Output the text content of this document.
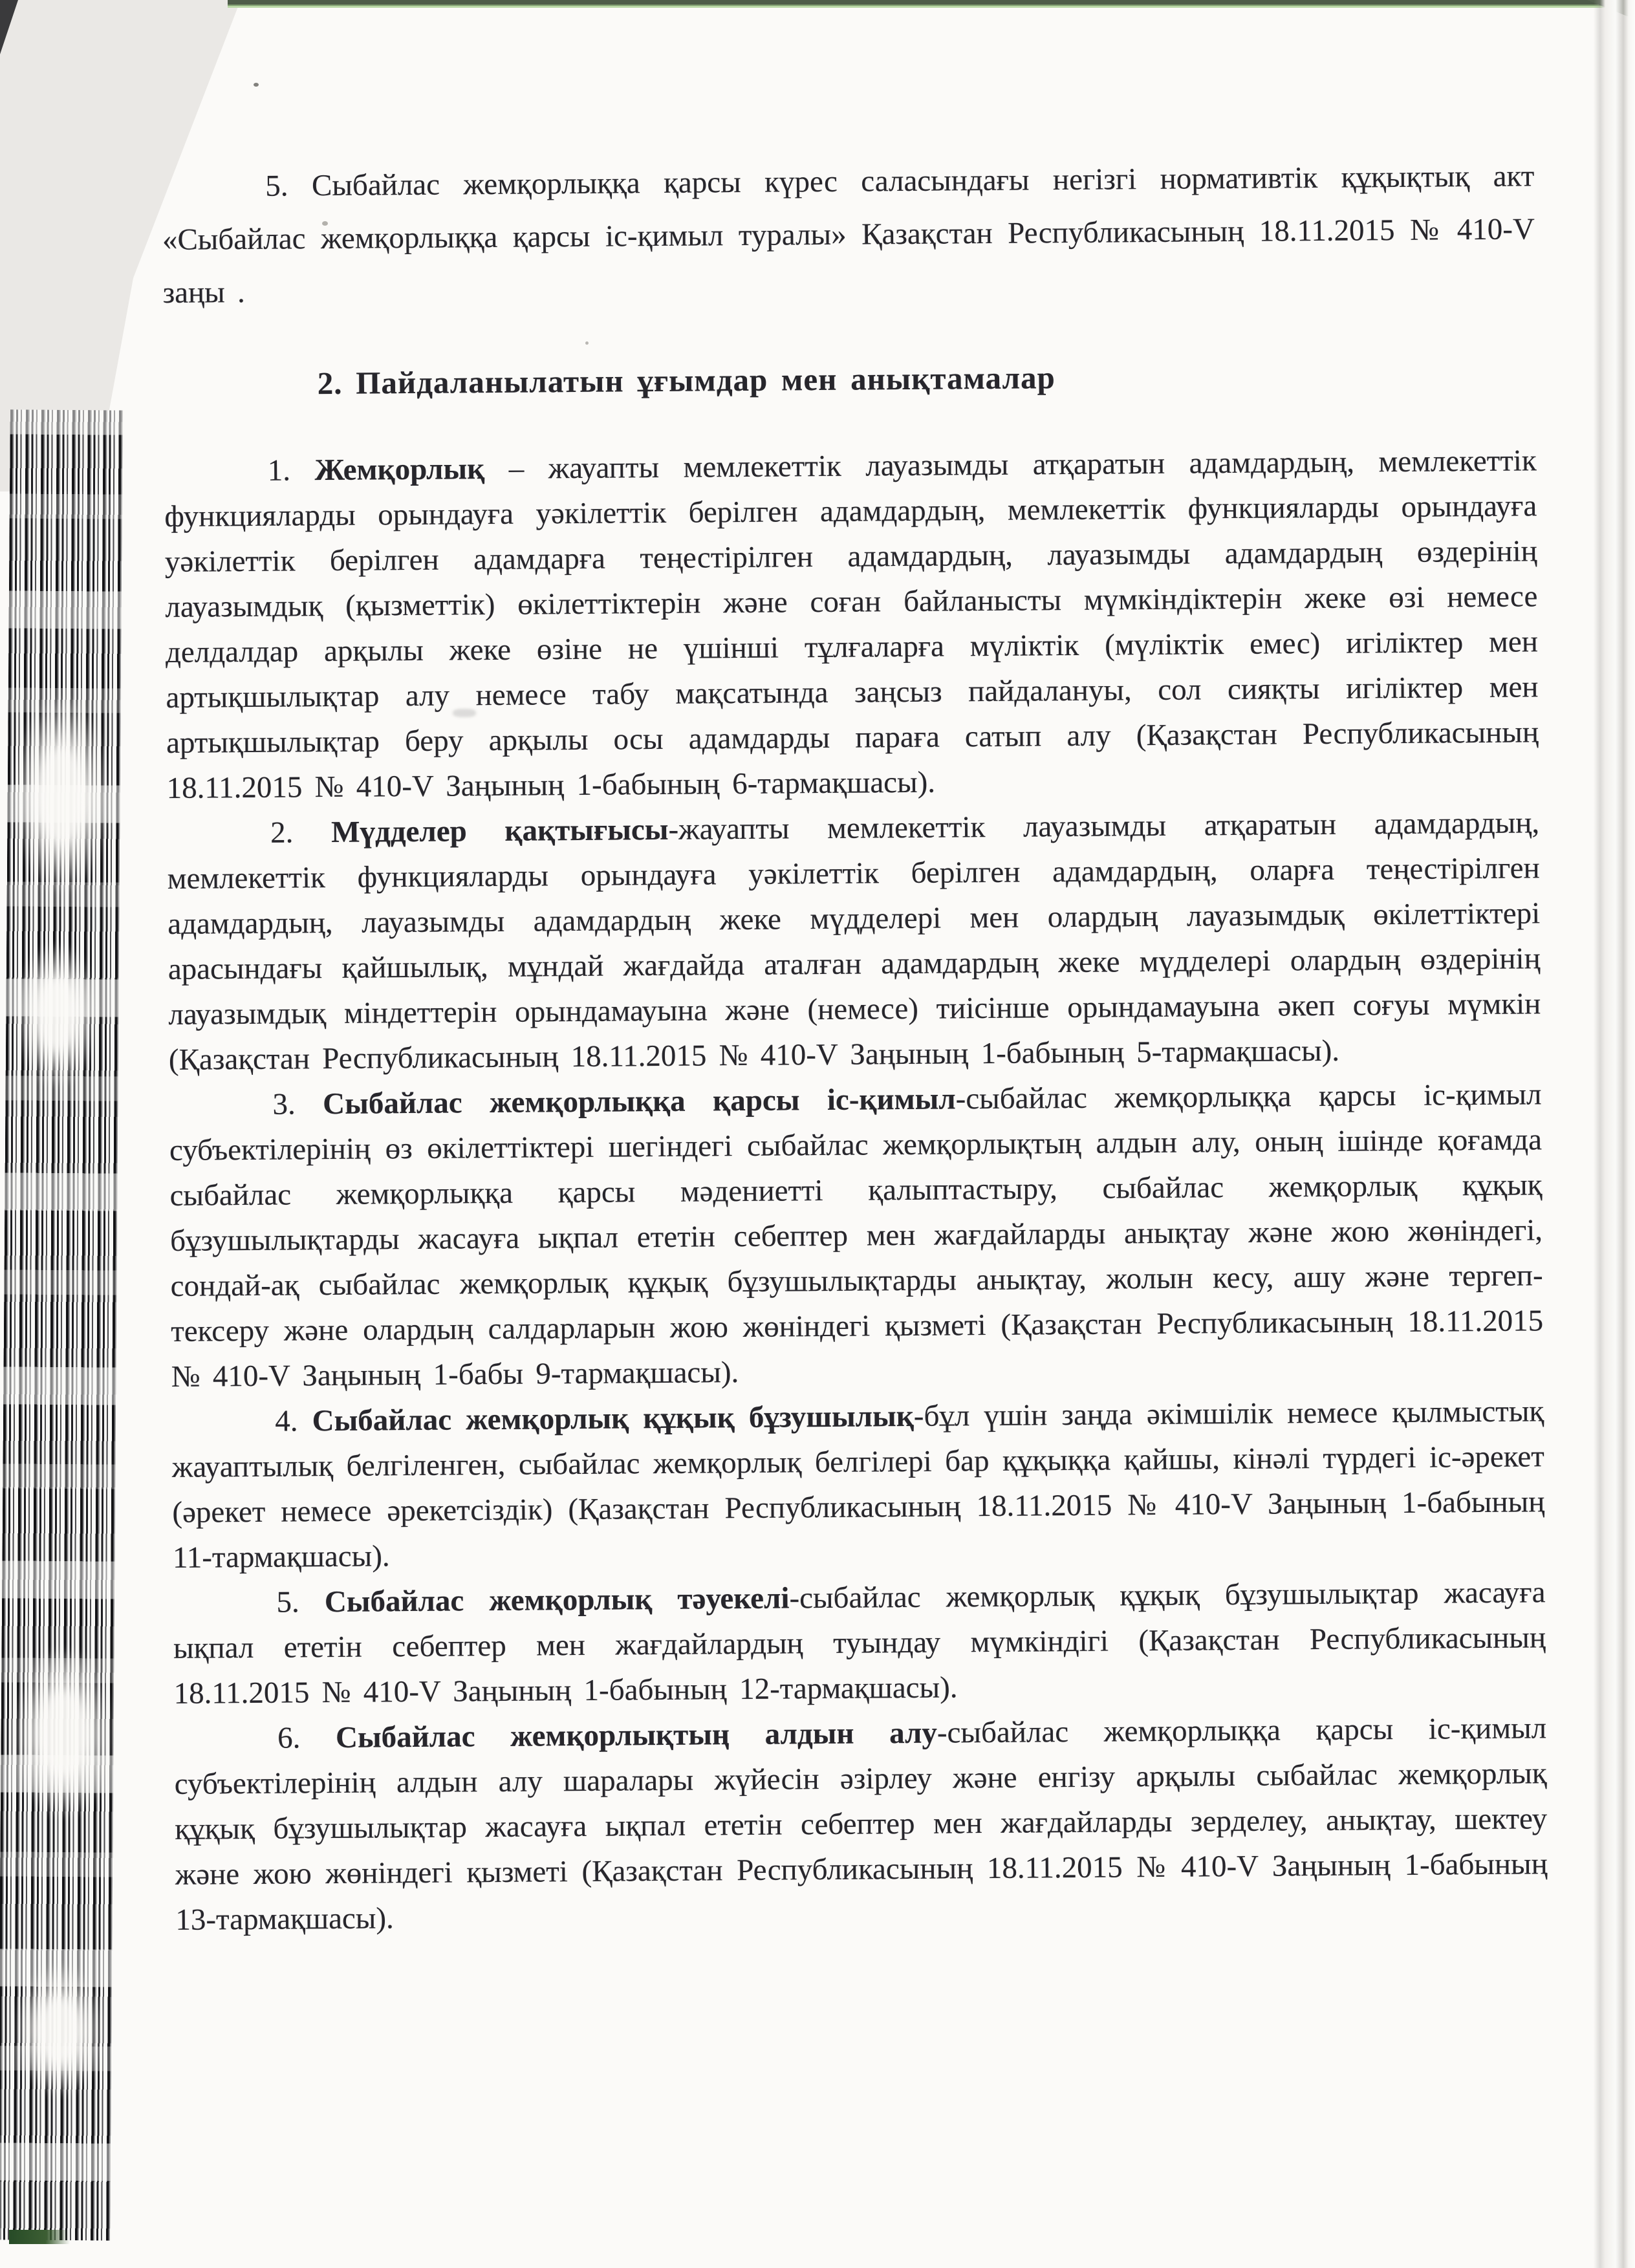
5. Сыбайлас жемқорлыққа қарсы күрес саласындағы негізгі нормативтік құқықтық акт «Сыбайлас жемқорлыққа қарсы іс-қимыл туралы» Қазақстан Республикасының 18.11.2015 № 410-V заңы .

2. Пайдаланылатын ұғымдар мен анықтамалар

1. Жемқорлық – жауапты мемлекеттік лауазымды атқаратын адамдардың, мемлекеттік функцияларды орындауға уәкілеттік берілген адамдардың, мемлекеттік функцияларды орындауға уәкілеттік берілген адамдарға теңестірілген адамдардың, лауазымды адамдардың өздерінің лауазымдық (қызметтік) өкілеттіктерін және соған байланысты мүмкіндіктерін жеке өзі немесе делдалдар арқылы жеке өзіне не үшінші тұлғаларға мүліктік (мүліктік емес) игіліктер мен артықшылықтар алу немесе табу мақсатында заңсыз пайдалануы, сол сияқты игіліктер мен артықшылықтар беру арқылы осы адамдарды параға сатып алу (Қазақстан Республикасының 18.11.2015 № 410-V Заңының 1-бабының 6-тармақшасы).

2. Мүдделер қақтығысы-жауапты мемлекеттік лауазымды атқаратын адамдардың, мемлекеттік функцияларды орындауға уәкілеттік берілген адамдардың, оларға теңестірілген адамдардың, лауазымды адамдардың жеке мүдделері мен олардың лауазымдық өкілеттіктері арасындағы қайшылық, мұндай жағдайда аталған адамдардың жеке мүдделері олардың өздерінің лауазымдық міндеттерін орындамауына және (немесе) тиісінше орындамауына әкеп соғуы мүмкін (Қазақстан Республикасының 18.11.2015 № 410-V Заңының 1-бабының 5-тармақшасы).

3. Сыбайлас жемқорлыққа қарсы іс-қимыл-сыбайлас жемқорлыққа қарсы іс-қимыл субъектілерінің өз өкілеттіктері шегіндегі сыбайлас жемқорлықтың алдын алу, оның ішінде қоғамда сыбайлас жемқорлыққа қарсы мәдениетті қалыптастыру, сыбайлас жемқорлық құқық бұзушылықтарды жасауға ықпал ететін себептер мен жағдайларды анықтау және жою жөніндегі, сондай-ақ сыбайлас жемқорлық құқық бұзушылықтарды анықтау, жолын кесу, ашу және тергеп-тексеру және олардың салдарларын жою жөніндегі қызметі (Қазақстан Республикасының 18.11.2015 № 410-V Заңының 1-бабы 9-тармақшасы).

4. Сыбайлас жемқорлық құқық бұзушылық-бұл үшін заңда әкімшілік немесе қылмыстық жауаптылық белгіленген, сыбайлас жемқорлық белгілері бар құқыққа қайшы, кінәлі түрдегі іс-әрекет (әрекет немесе әрекетсіздік) (Қазақстан Республикасының 18.11.2015 № 410-V Заңының 1-бабының 11-тармақшасы).

5. Сыбайлас жемқорлық тәуекелі-сыбайлас жемқорлық құқық бұзушылықтар жасауға ықпал ететін себептер мен жағдайлардың туындау мүмкіндігі (Қазақстан Республикасының 18.11.2015 № 410-V Заңының 1-бабының 12-тармақшасы).

6. Сыбайлас жемқорлықтың алдын алу-сыбайлас жемқорлыққа қарсы іс-қимыл субъектілерінің алдын алу шаралары жүйесін әзірлеу және енгізу арқылы сыбайлас жемқорлық құқық бұзушылықтар жасауға ықпал ететін себептер мен жағдайларды зерделеу, анықтау, шектеу және жою жөніндегі қызметі (Қазақстан Республикасының 18.11.2015 № 410-V Заңының 1-бабының 13-тармақшасы).
